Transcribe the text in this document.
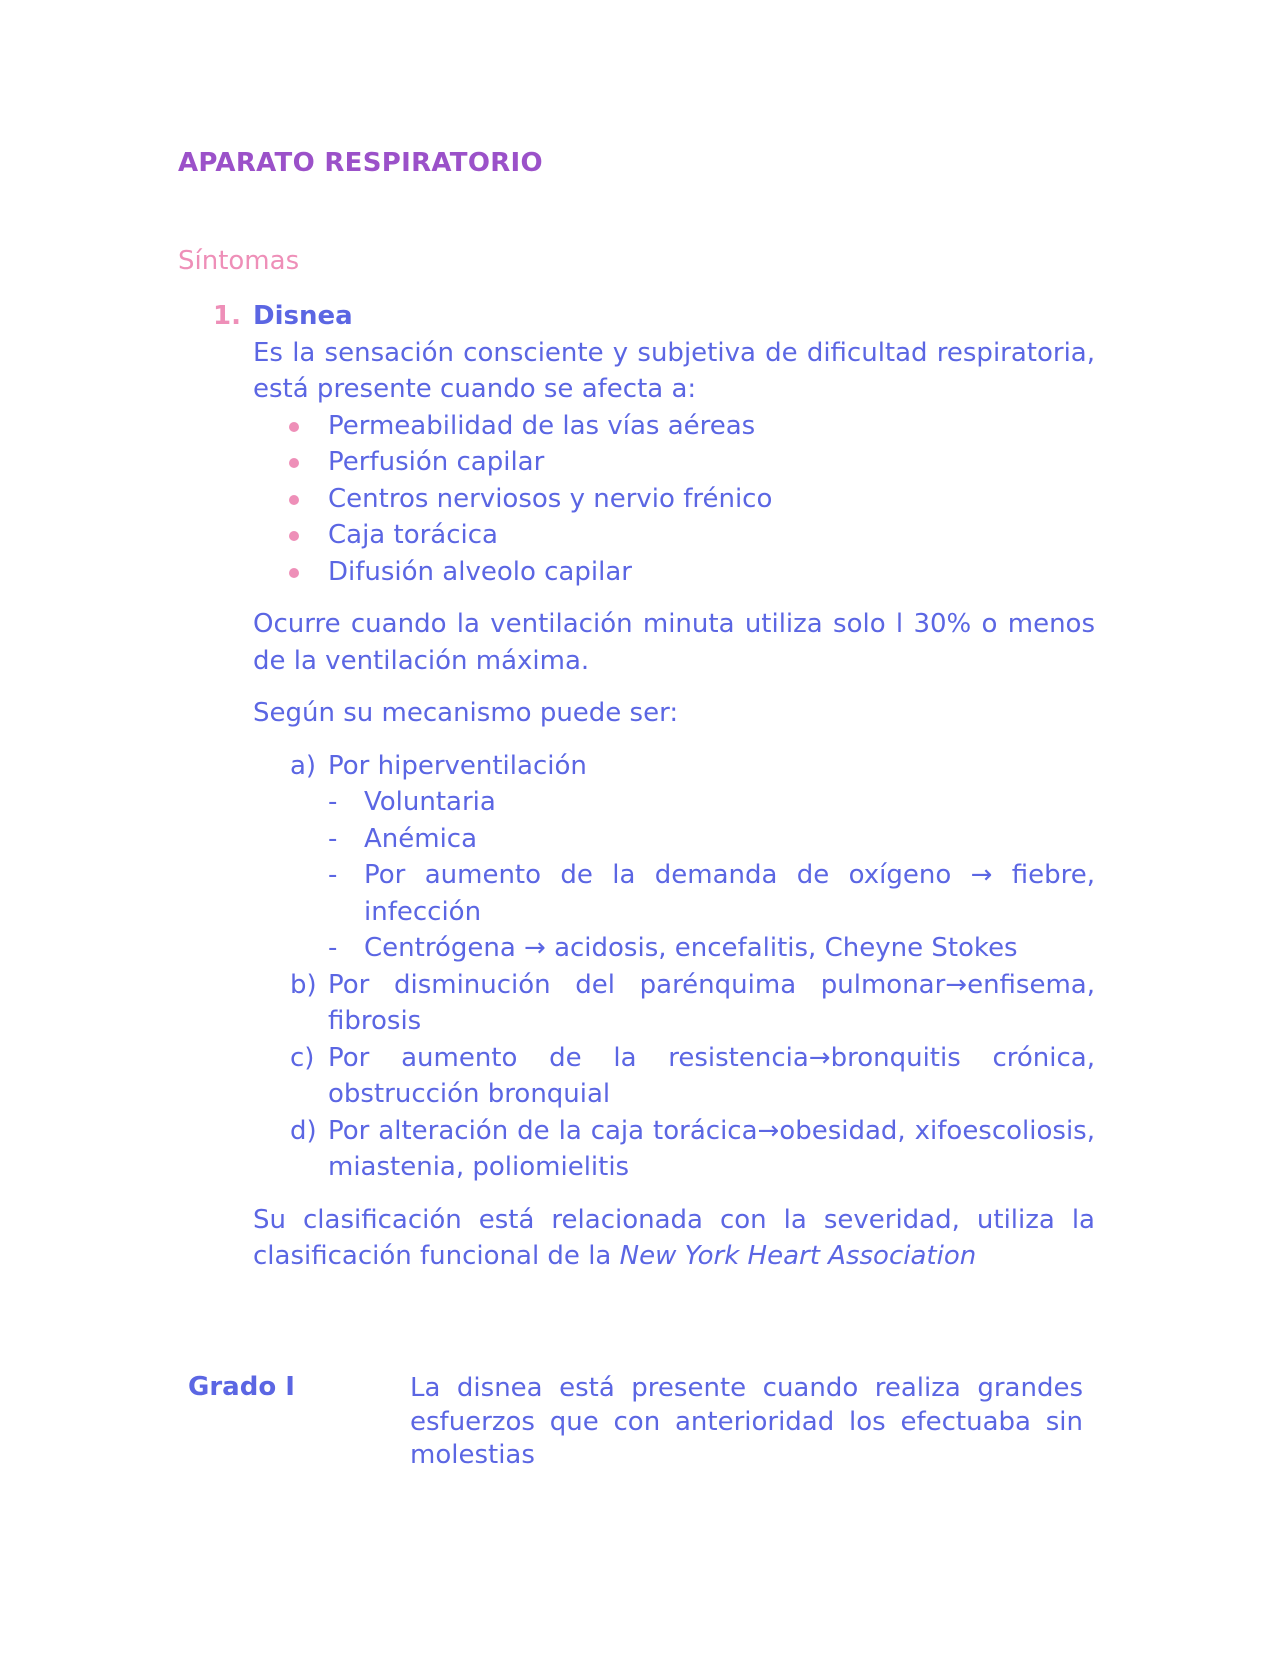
APARATO RESPIRATORIO
Síntomas
1. Disnea
Es la sensación consciente y subjetiva de dificultad respiratoria, está presente cuando se afecta a:
Permeabilidad de las vías aéreas
Perfusión capilar
Centros nerviosos y nervio frénico
Caja torácica
Difusión alveolo capilar
Ocurre cuando la ventilación minuta utiliza solo l 30% o menos de la ventilación máxima.
Según su mecanismo puede ser:
a) Por hiperventilación
- Voluntaria
- Anémica
- Por aumento de la demanda de oxígeno → fiebre, infección
- Centrógena → acidosis, encefalitis, Cheyne Stokes
b) Por disminución del parénquima pulmonar→enfisema, fibrosis
c) Por aumento de la resistencia→bronquitis crónica, obstrucción bronquial
d) Por alteración de la caja torácica→obesidad, xifoescoliosis, miastenia, poliomielitis
Su clasificación está relacionada con la severidad, utiliza la clasificación funcional de la New York Heart Association
Grado I	La disnea está presente cuando realiza grandes esfuerzos que con anterioridad los efectuaba sin molestias
